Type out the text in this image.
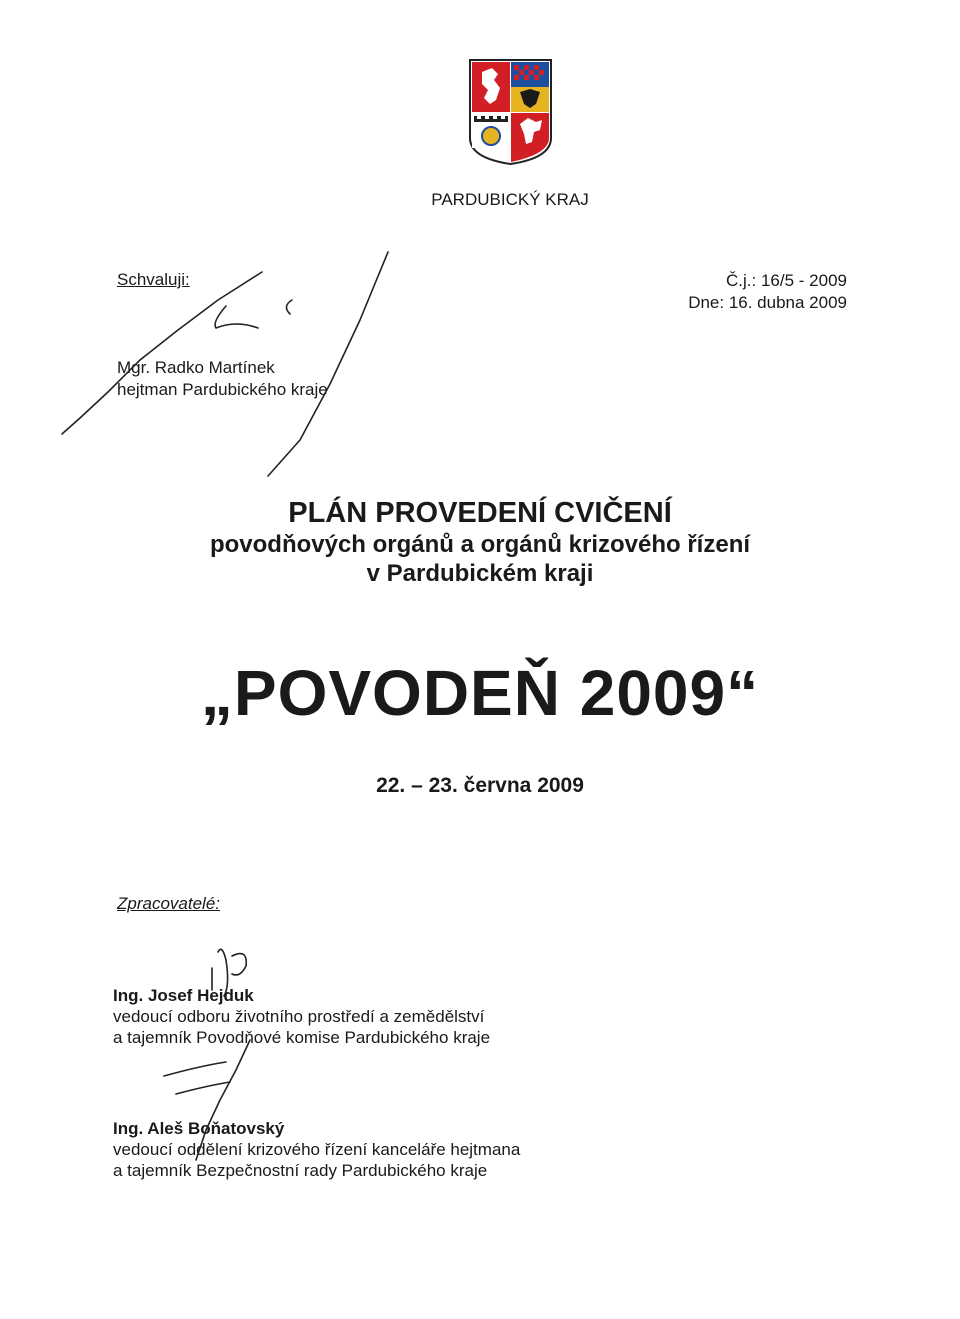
PARDUBICKÝ KRAJ
Schvaluji:	Č.j.: 16/5 - 2009
Dne: 16. dubna 2009
Mgr. Radko Martínek
hejtman Pardubického kraje
PLÁN PROVEDENÍ CVIČENÍ
povodňových orgánů a orgánů krizového řízení
v Pardubickém kraji
„POVODEŇ 2009“
22. – 23. června 2009
Zpracovatelé:
Ing. Josef Hejduk
vedoucí odboru životního prostředí a zemědělství
a tajemník Povodňové komise Pardubického kraje
Ing. Aleš Boňatovský
vedoucí oddělení krizového řízení kanceláře hejtmana
a tajemník Bezpečnostní rady Pardubického kraje
